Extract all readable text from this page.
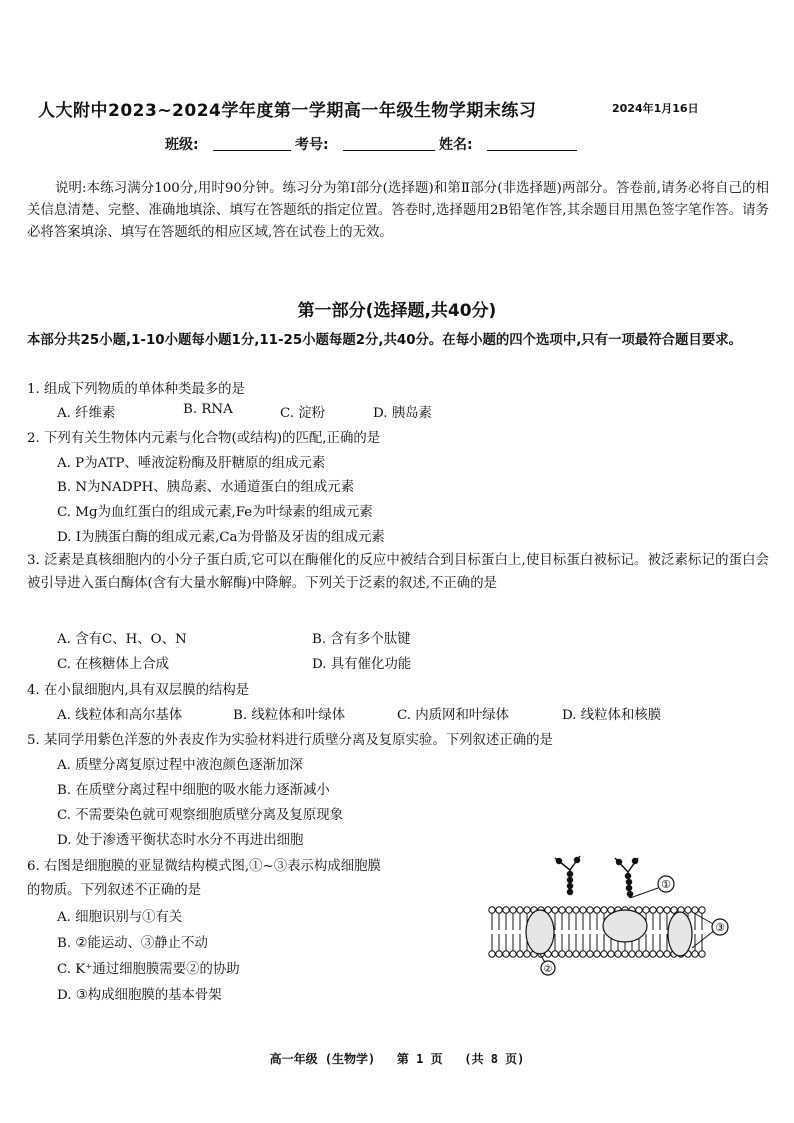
人大附中2023~2024学年度第一学期高一年级生物学期末练习	2024年1月16日
班级:	考号:	姓名:

说明:本练习满分100分,用时90分钟。练习分为第Ⅰ部分(选择题)和第Ⅱ部分(非选择题)两部分。答卷前,请务必将自己的相关信息清楚、完整、准确地填涂、填写在答题纸的指定位置。答卷时,选择题用2B铅笔作答,其余题目用黑色签字笔作答。请务必将答案填涂、填写在答题纸的相应区域,答在试卷上的无效。

第一部分(选择题,共40分)
本部分共25小题,1-10小题每小题1分,11-25小题每题2分,共40分。在每小题的四个选项中,只有一项最符合题目要求。
1. 组成下列物质的单体种类最多的是
A. 纤维素	B. RNA	C. 淀粉	D. 胰岛素
2. 下列有关生物体内元素与化合物(或结构)的匹配,正确的是
A. P为ATP、唾液淀粉酶及肝糖原的组成元素
B. N为NADPH、胰岛素、水通道蛋白的组成元素
C. Mg为血红蛋白的组成元素,Fe为叶绿素的组成元素
D. I为胰蛋白酶的组成元素,Ca为骨骼及牙齿的组成元素
3. 泛素是真核细胞内的小分子蛋白质,它可以在酶催化的反应中被结合到目标蛋白上,使目标蛋白被标记。被泛素标记的蛋白会被引导进入蛋白酶体(含有大量水解酶)中降解。下列关于泛素的叙述,不正确的是
A. 含有C、H、O、N	B. 含有多个肽键
C. 在核糖体上合成	D. 具有催化功能
4. 在小鼠细胞内,具有双层膜的结构是
A. 线粒体和高尔基体	B. 线粒体和叶绿体	C. 内质网和叶绿体	D. 线粒体和核膜
5. 某同学用紫色洋葱的外表皮作为实验材料进行质壁分离及复原实验。下列叙述正确的是
A. 质壁分离复原过程中液泡颜色逐渐加深
B. 在质壁分离过程中细胞的吸水能力逐渐减小
C. 不需要染色就可观察细胞质壁分离及复原现象
D. 处于渗透平衡状态时水分不再进出细胞
6. 右图是细胞膜的亚显微结构模式图,①~③表示构成细胞膜
的物质。下列叙述不正确的是
A. 细胞识别与①有关
B. ②能运动、③静止不动
C. K⁺通过细胞膜需要②的协助
D. ③构成细胞膜的基本骨架
①
②
③
高一年级 (生物学)   第 1 页   (共 8 页)
